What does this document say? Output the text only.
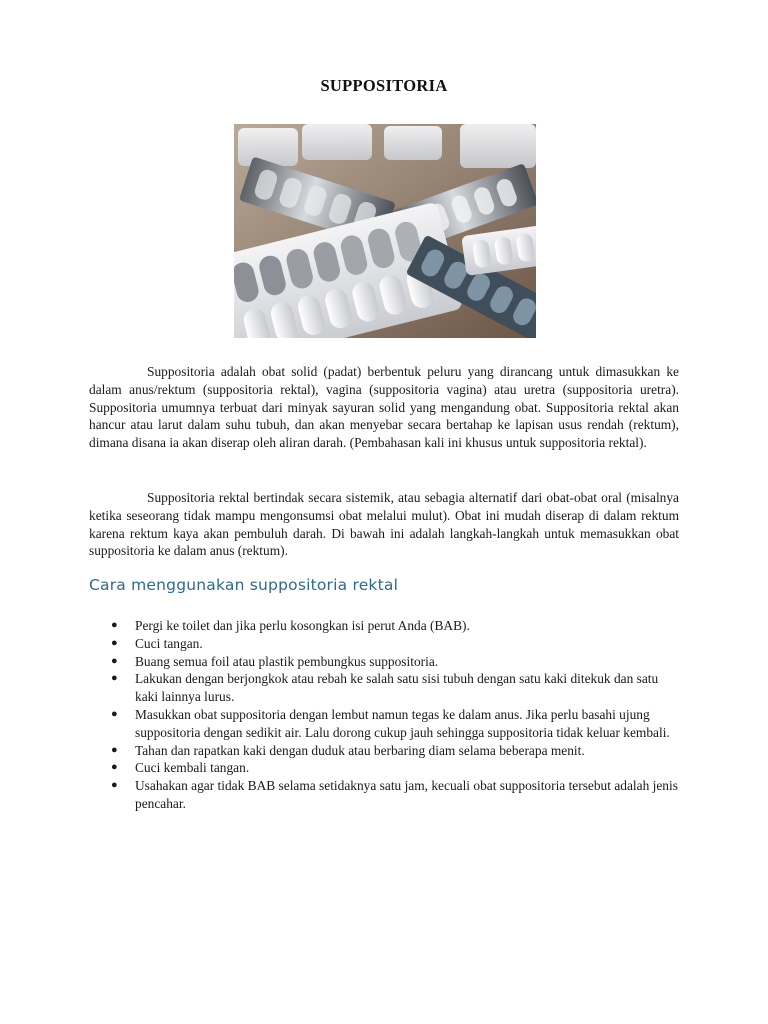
SUPPOSITORIA

Suppositoria adalah obat solid (padat) berbentuk peluru yang dirancang untuk dimasukkan ke dalam anus/rektum (suppositoria rektal), vagina (suppositoria vagina) atau uretra (suppositoria uretra). Suppositoria umumnya terbuat dari minyak sayuran solid yang mengandung obat. Suppositoria rektal akan hancur atau larut dalam suhu tubuh, dan akan menyebar secara bertahap ke lapisan usus rendah (rektum), dimana disana ia akan diserap oleh aliran darah. (Pembahasan kali ini khusus untuk suppositoria rektal).

Suppositoria rektal bertindak secara sistemik, atau sebagia alternatif dari obat-obat oral (misalnya ketika seseorang tidak mampu mengonsumsi obat melalui mulut). Obat ini mudah diserap di dalam rektum karena rektum kaya akan pembuluh darah. Di bawah ini adalah langkah-langkah untuk memasukkan obat suppositoria ke dalam anus (rektum).

Cara menggunakan suppositoria rektal
● Pergi ke toilet dan jika perlu kosongkan isi perut Anda (BAB).
● Cuci tangan.
● Buang semua foil atau plastik pembungkus suppositoria.
● Lakukan dengan berjongkok atau rebah ke salah satu sisi tubuh dengan satu kaki ditekuk dan satu kaki lainnya lurus.
● Masukkan obat suppositoria dengan lembut namun tegas ke dalam anus. Jika perlu basahi ujung suppositoria dengan sedikit air. Lalu dorong cukup jauh sehingga suppositoria tidak keluar kembali.
● Tahan dan rapatkan kaki dengan duduk atau berbaring diam selama beberapa menit.
● Cuci kembali tangan.
● Usahakan agar tidak BAB selama setidaknya satu jam, kecuali obat suppositoria tersebut adalah jenis pencahar.
